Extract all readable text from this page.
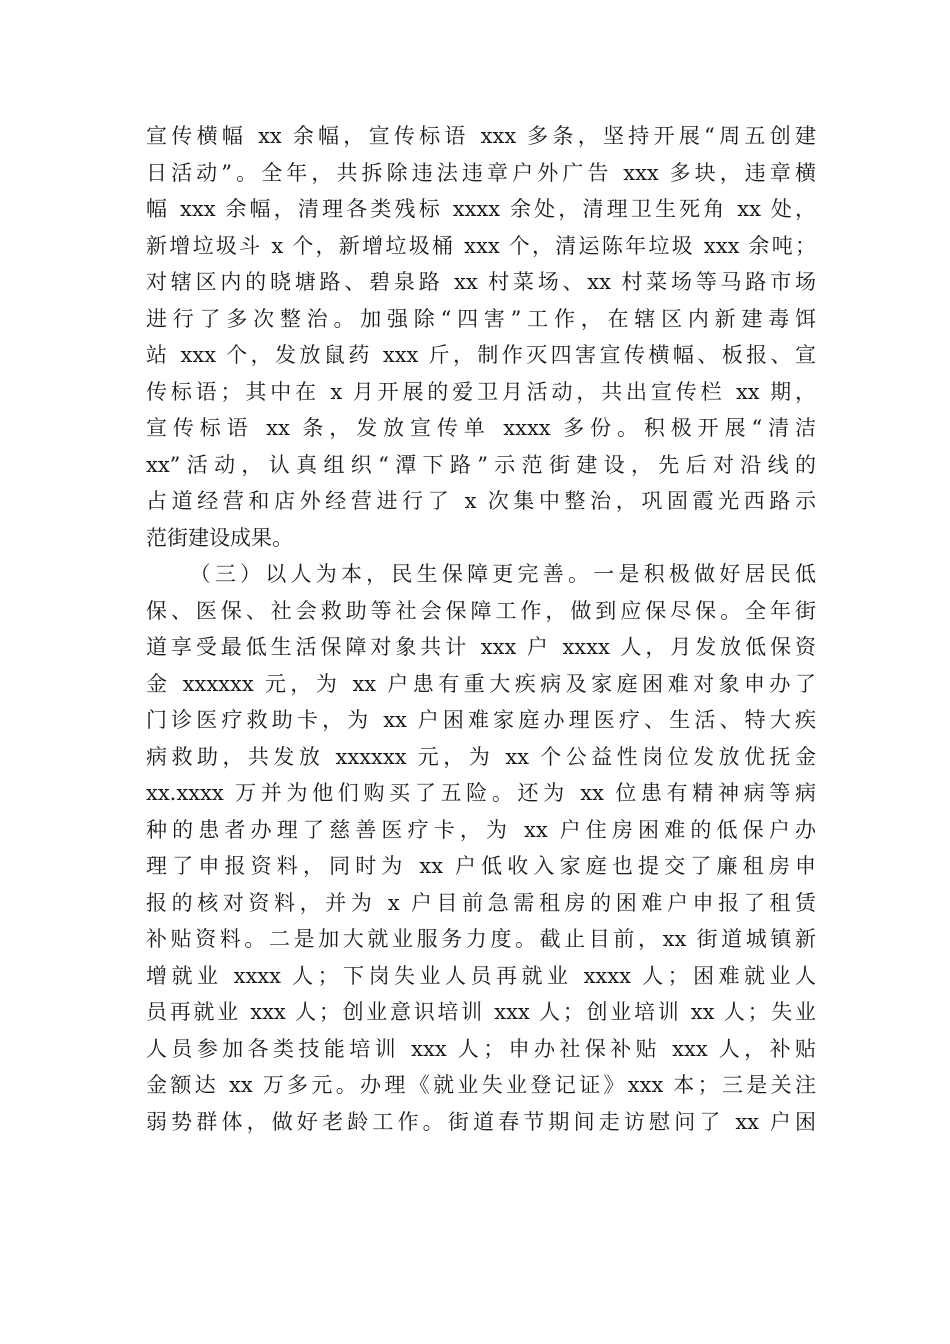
宣传横幅 xx 余幅，宣传标语 xxx 多条，坚持开展“周五创建
日活动”。全年，共拆除违法违章户外广告 xxx 多块，违章横
幅 xxx 余幅，清理各类残标 xxxx 余处，清理卫生死角 xx 处，
新增垃圾斗 x 个，新增垃圾桶 xxx 个，清运陈年垃圾 xxx 余吨；
对辖区内的晓塘路、碧泉路 xx 村菜场、xx 村菜场等马路市场
进行了多次整治。加强除“四害”工作，在辖区内新建毒饵
站 xxx 个，发放鼠药 xxx 斤，制作灭四害宣传横幅、板报、宣
传标语；其中在 x 月开展的爱卫月活动，共出宣传栏 xx 期，
宣传标语 xx 条，发放宣传单 xxxx 多份。积极开展“清洁
xx”活动，认真组织“潭下路”示范街建设，先后对沿线的
占道经营和店外经营进行了 x 次集中整治，巩固霞光西路示
范街建设成果。
（三）以人为本，民生保障更完善。一是积极做好居民低
保、医保、社会救助等社会保障工作，做到应保尽保。全年街
道享受最低生活保障对象共计 xxx 户 xxxx 人，月发放低保资
金 xxxxxx 元，为 xx 户患有重大疾病及家庭困难对象申办了
门诊医疗救助卡，为 xx 户困难家庭办理医疗、生活、特大疾
病救助，共发放 xxxxxx 元，为 xx 个公益性岗位发放优抚金
xx.xxxx 万并为他们购买了五险。还为 xx 位患有精神病等病
种的患者办理了慈善医疗卡，为 xx 户住房困难的低保户办
理了申报资料，同时为 xx 户低收入家庭也提交了廉租房申
报的核对资料，并为 x 户目前急需租房的困难户申报了租赁
补贴资料。二是加大就业服务力度。截止目前，xx 街道城镇新
增就业 xxxx 人；下岗失业人员再就业 xxxx 人；困难就业人
员再就业 xxx 人；创业意识培训 xxx 人；创业培训 xx 人；失业
人员参加各类技能培训 xxx 人；申办社保补贴 xxx 人，补贴
金额达 xx 万多元。办理《就业失业登记证》xxx 本；三是关注
弱势群体，做好老龄工作。街道春节期间走访慰问了 xx 户困
